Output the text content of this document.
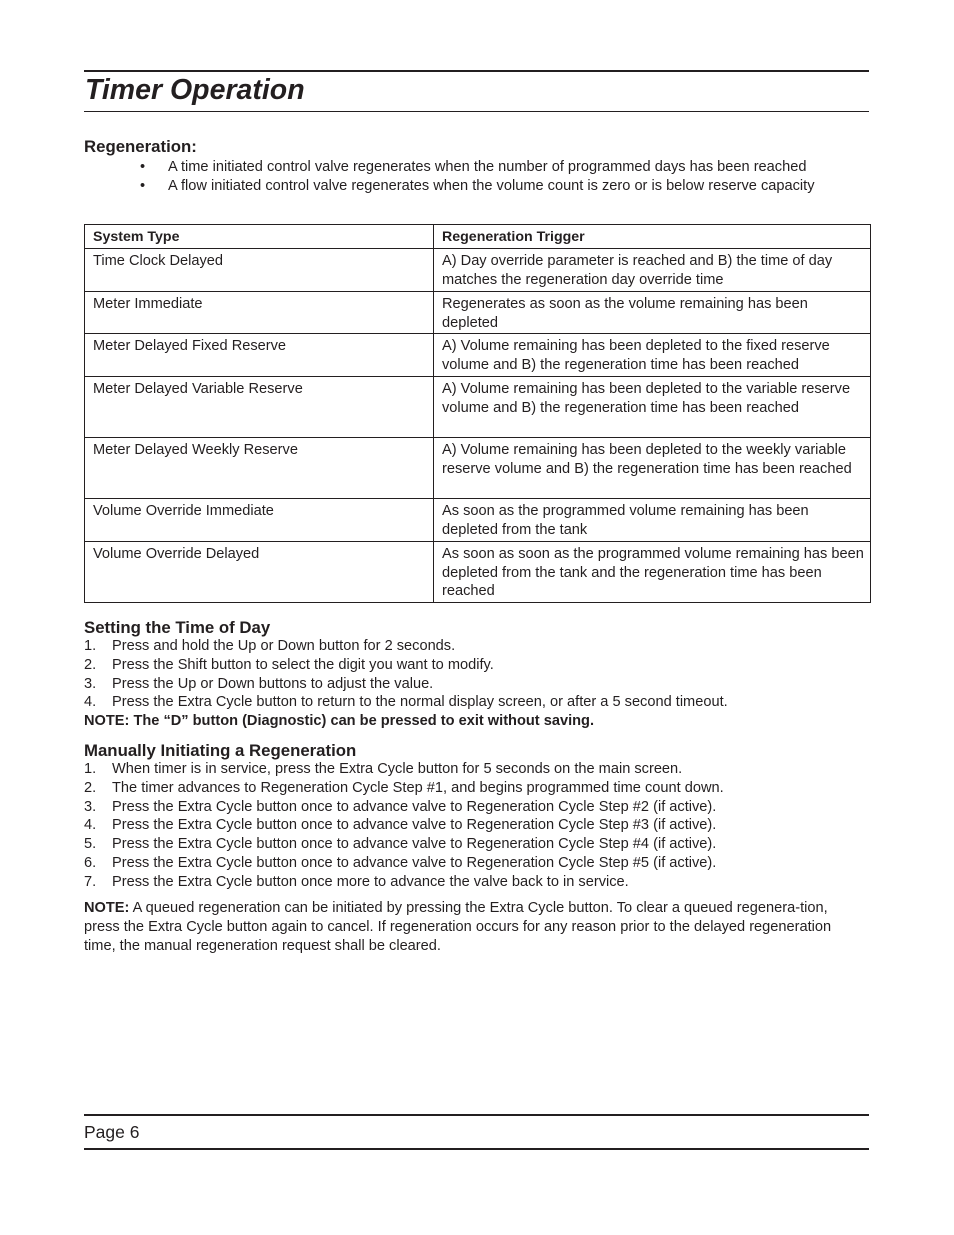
Timer Operation
Regeneration:
• A time initiated control valve regenerates when the number of programmed days has been reached
• A flow initiated control valve regenerates when the volume count is zero or is below reserve capacity
System Type	Regeneration Trigger
Time Clock Delayed	A) Day override parameter is reached and B) the time of day matches the regeneration day override time
Meter Immediate	Regenerates as soon as the volume remaining has been depleted
Meter Delayed Fixed Reserve	A) Volume remaining has been depleted to the fixed reserve volume and B) the regeneration time has been reached
Meter Delayed Variable Reserve	A) Volume remaining has been depleted to the variable reserve volume and B) the regeneration time has been reached
Meter Delayed Weekly Reserve	A) Volume remaining has been depleted to the weekly variable reserve volume and B) the regeneration time has been reached
Volume Override Immediate	As soon as the programmed volume remaining has been depleted from the tank
Volume Override Delayed	As soon as soon as the programmed volume remaining has been depleted from the tank and the regeneration time has been reached
Setting the Time of Day
1. Press and hold the Up or Down button for 2 seconds.
2. Press the Shift button to select the digit you want to modify.
3. Press the Up or Down buttons to adjust the value.
4. Press the Extra Cycle button to return to the normal display screen, or after a 5 second timeout.
NOTE: The “D” button (Diagnostic) can be pressed to exit without saving.
Manually Initiating a Regeneration
1. When timer is in service, press the Extra Cycle button for 5 seconds on the main screen.
2. The timer advances to Regeneration Cycle Step #1, and begins programmed time count down.
3. Press the Extra Cycle button once to advance valve to Regeneration Cycle Step #2 (if active).
4. Press the Extra Cycle button once to advance valve to Regeneration Cycle Step #3 (if active).
5. Press the Extra Cycle button once to advance valve to Regeneration Cycle Step #4 (if active).
6. Press the Extra Cycle button once to advance valve to Regeneration Cycle Step #5 (if active).
7. Press the Extra Cycle button once more to advance the valve back to in service.
NOTE: A queued regeneration can be initiated by pressing the Extra Cycle button. To clear a queued regenera-tion, press the Extra Cycle button again to cancel. If regeneration occurs for any reason prior to the delayed regeneration time, the manual regeneration request shall be cleared.
Page 6
